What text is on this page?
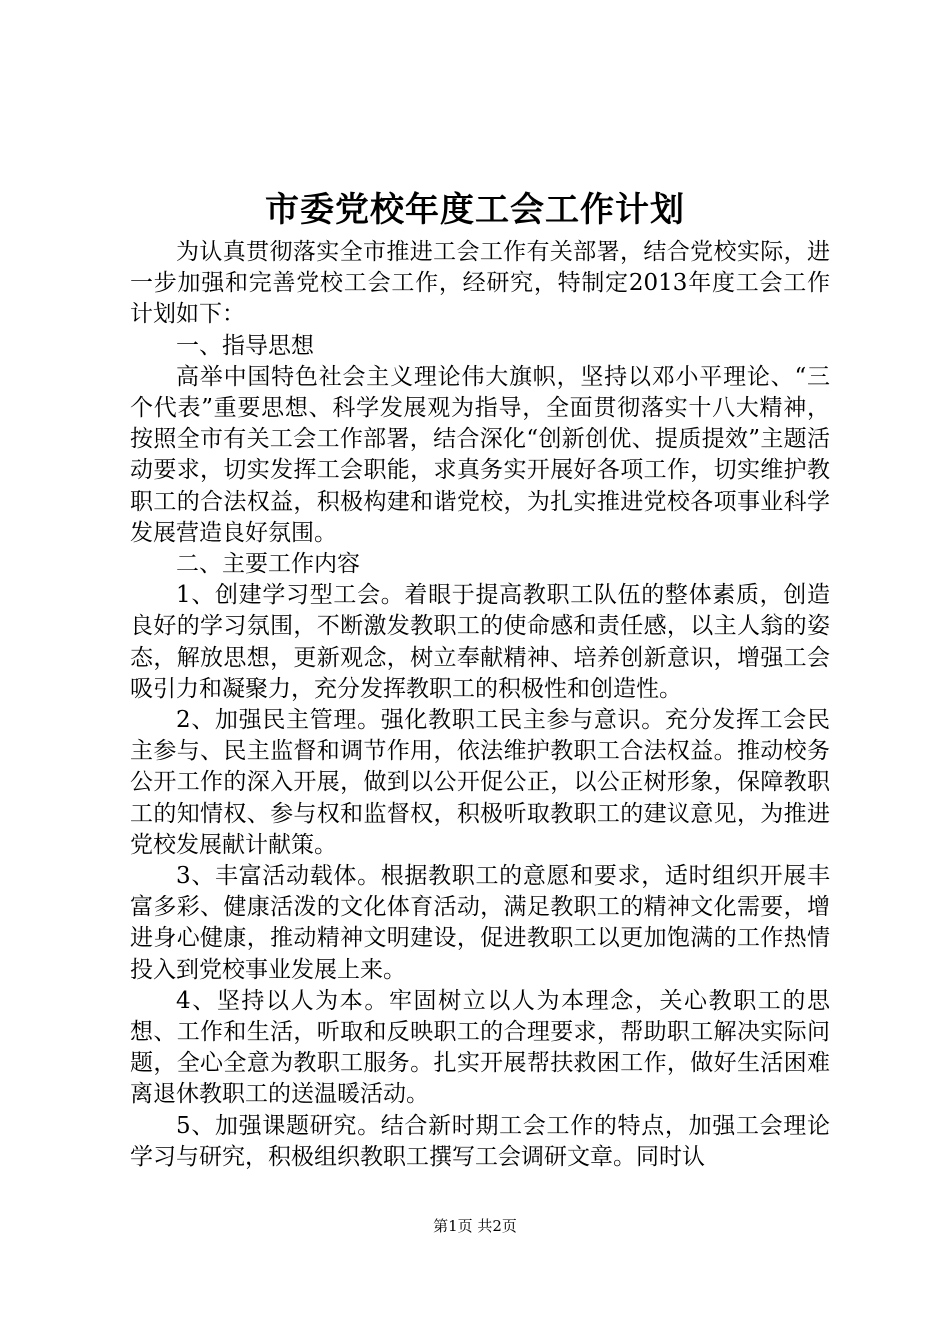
市委党校年度工会工作计划

为认真贯彻落实全市推进工会工作有关部署，结合党校实际，进一步加强和完善党校工会工作，经研究，特制定2013年度工会工作计划如下：

一、指导思想

高举中国特色社会主义理论伟大旗帜，坚持以邓小平理论、“三个代表”重要思想、科学发展观为指导，全面贯彻落实十八大精神，按照全市有关工会工作部署，结合深化“创新创优、提质提效”主题活动要求，切实发挥工会职能，求真务实开展好各项工作，切实维护教职工的合法权益，积极构建和谐党校，为扎实推进党校各项事业科学发展营造良好氛围。

二、主要工作内容

1、创建学习型工会。着眼于提高教职工队伍的整体素质，创造良好的学习氛围，不断激发教职工的使命感和责任感，以主人翁的姿态，解放思想，更新观念，树立奉献精神、培养创新意识，增强工会吸引力和凝聚力，充分发挥教职工的积极性和创造性。

2、加强民主管理。强化教职工民主参与意识。充分发挥工会民主参与、民主监督和调节作用，依法维护教职工合法权益。推动校务公开工作的深入开展，做到以公开促公正，以公正树形象，保障教职工的知情权、参与权和监督权，积极听取教职工的建议意见，为推进党校发展献计献策。

3、丰富活动载体。根据教职工的意愿和要求，适时组织开展丰富多彩、健康活泼的文化体育活动，满足教职工的精神文化需要，增进身心健康，推动精神文明建设，促进教职工以更加饱满的工作热情投入到党校事业发展上来。

4、坚持以人为本。牢固树立以人为本理念，关心教职工的思想、工作和生活，听取和反映职工的合理要求，帮助职工解决实际问题，全心全意为教职工服务。扎实开展帮扶救困工作，做好生活困难离退休教职工的送温暖活动。

5、加强课题研究。结合新时期工会工作的特点，加强工会理论学习与研究，积极组织教职工撰写工会调研文章。同时认

第1页 共2页
